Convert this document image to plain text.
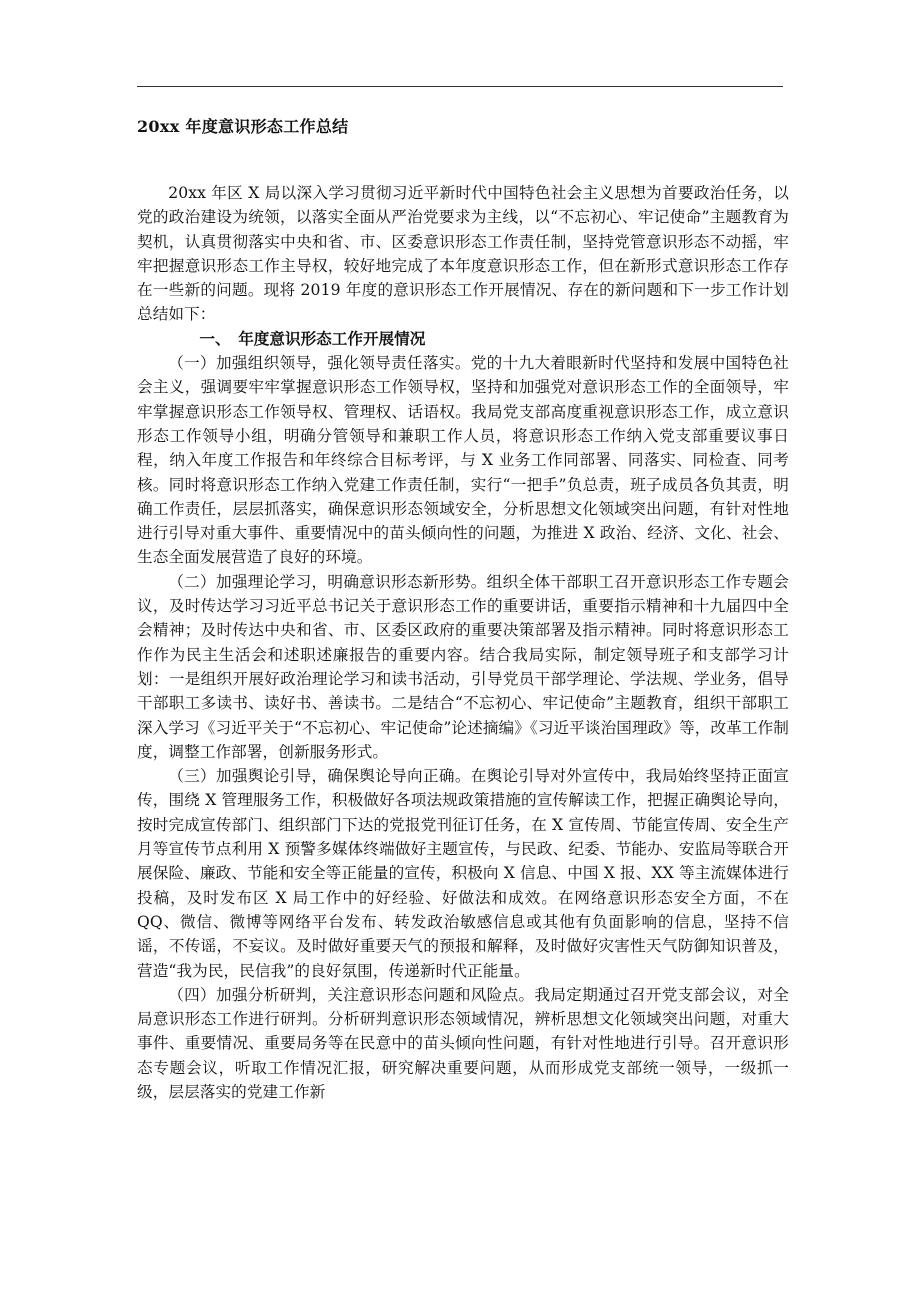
20xx 年度意识形态工作总结

20xx 年区 X 局以深入学习贯彻习近平新时代中国特色社会主义思想为首要政治任务，以党的政治建设为统领，以落实全面从严治党要求为主线，以“不忘初心、牢记使命”主题教育为契机，认真贯彻落实中央和省、市、区委意识形态工作责任制，坚持党管意识形态不动摇，牢牢把握意识形态工作主导权，较好地完成了本年度意识形态工作，但在新形式意识形态工作存在一些新的问题。现将 2019 年度的意识形态工作开展情况、存在的新问题和下一步工作计划总结如下：

一、 年度意识形态工作开展情况

（一）加强组织领导，强化领导责任落实。党的十九大着眼新时代坚持和发展中国特色社会主义，强调要牢牢掌握意识形态工作领导权，坚持和加强党对意识形态工作的全面领导，牢牢掌握意识形态工作领导权、管理权、话语权。我局党支部高度重视意识形态工作，成立意识形态工作领导小组，明确分管领导和兼职工作人员，将意识形态工作纳入党支部重要议事日程，纳入年度工作报告和年终综合目标考评，与 X 业务工作同部署、同落实、同检查、同考核。同时将意识形态工作纳入党建工作责任制，实行“一把手”负总责，班子成员各负其责，明确工作责任，层层抓落实，确保意识形态领域安全，分析思想文化领域突出问题，有针对性地进行引导对重大事件、重要情况中的苗头倾向性的问题，为推进 X 政治、经济、文化、社会、生态全面发展营造了良好的环境。

（二）加强理论学习，明确意识形态新形势。组织全体干部职工召开意识形态工作专题会议，及时传达学习习近平总书记关于意识形态工作的重要讲话，重要指示精神和十九届四中全会精神；及时传达中央和省、市、区委区政府的重要决策部署及指示精神。同时将意识形态工作作为民主生活会和述职述廉报告的重要内容。结合我局实际，制定领导班子和支部学习计划：一是组织开展好政治理论学习和读书活动，引导党员干部学理论、学法规、学业务，倡导干部职工多读书、读好书、善读书。二是结合“不忘初心、牢记使命”主题教育，组织干部职工深入学习《习近平关于“不忘初心、牢记使命”论述摘编》《习近平谈治国理政》等，改革工作制度，调整工作部署，创新服务形式。

（三）加强舆论引导，确保舆论导向正确。在舆论引导对外宣传中，我局始终坚持正面宣传，围绕 X 管理服务工作，积极做好各项法规政策措施的宣传解读工作，把握正确舆论导向，按时完成宣传部门、组织部门下达的党报党刊征订任务，在 X 宣传周、节能宣传周、安全生产月等宣传节点利用 X 预警多媒体终端做好主题宣传，与民政、纪委、节能办、安监局等联合开展保险、廉政、节能和安全等正能量的宣传，积极向 X 信息、中国 X 报、XX 等主流媒体进行投稿，及时发布区 X 局工作中的好经验、好做法和成效。在网络意识形态安全方面，不在 QQ、微信、微博等网络平台发布、转发政治敏感信息或其他有负面影响的信息，坚持不信谣，不传谣，不妄议。及时做好重要天气的预报和解释，及时做好灾害性天气防御知识普及，营造“我为民，民信我”的良好氛围，传递新时代正能量。

（四）加强分析研判，关注意识形态问题和风险点。我局定期通过召开党支部会议，对全局意识形态工作进行研判。分析研判意识形态领域情况，辨析思想文化领域突出问题，对重大事件、重要情况、重要局务等在民意中的苗头倾向性问题，有针对性地进行引导。召开意识形态专题会议，听取工作情况汇报，研究解决重要问题，从而形成党支部统一领导，一级抓一级，层层落实的党建工作新
